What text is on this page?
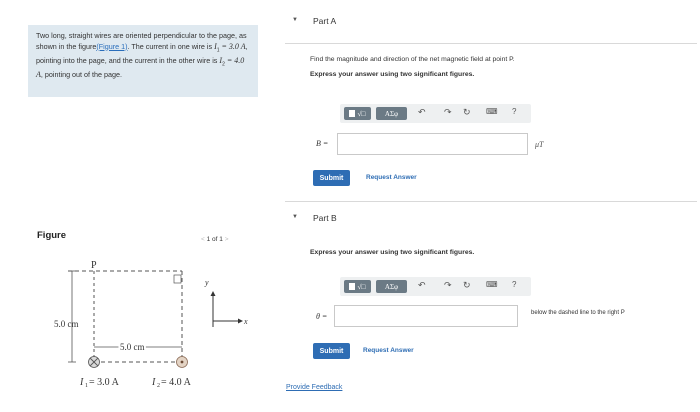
Two long, straight wires are oriented perpendicular to the page, as shown in the figure(Figure 1). The current in one wire is $I_1 = 3.0$ A, pointing into the page, and the current in the other wire is $I_2 = 4.0$ A, pointing out of the page.
Figure	< 1 of 1 >
P
5.0 cm
5.0 cm
I 1 = 3.0 A	I 2 = 4.0 A
x
y
▼ Part A
Find the magnitude and direction of the net magnetic field at point P.
Express your answer using two significant figures.
√□	ΑΣφ	↶ ↷ ↻ ⌨ ?
B =	μT
Submit	Request Answer
▼ Part B
Express your answer using two significant figures.
√□	ΑΣφ	↶ ↷ ↻ ⌨ ?
θ =	below the dashed line to the right P
Submit	Request Answer
Provide Feedback
